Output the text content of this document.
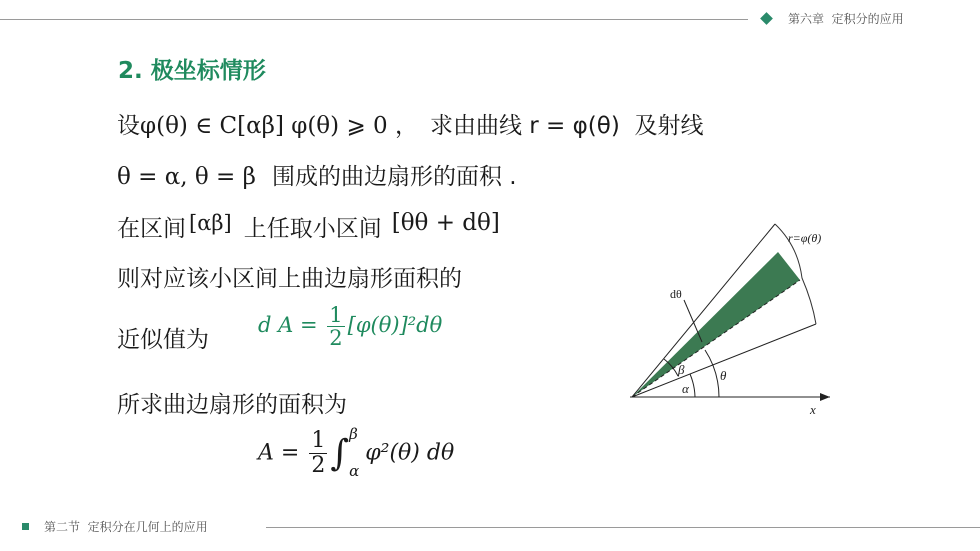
第六章  定积分的应用
2. 极坐标情形
设φ(θ) ∈ C[αβ] φ(θ) ⩾ 0 ， 求由曲线 r = φ(θ)  及射线
θ = α, θ = β 围成的曲边扇形的面积 .
在区间 [αβ] 上任取小区间 [θθ + dθ]
则对应该小区间上曲边扇形面积的
近似值为
d $A = \frac{1}{2} [\varphi(\theta)]^2d\theta$
所求曲边扇形的面积为
$A = \frac{1}{2}$ ∫ β
α
φ²(θ) dθ
r=φ(θ)
dθ
β	θ
α
x
第二节  定积分在几何上的应用
